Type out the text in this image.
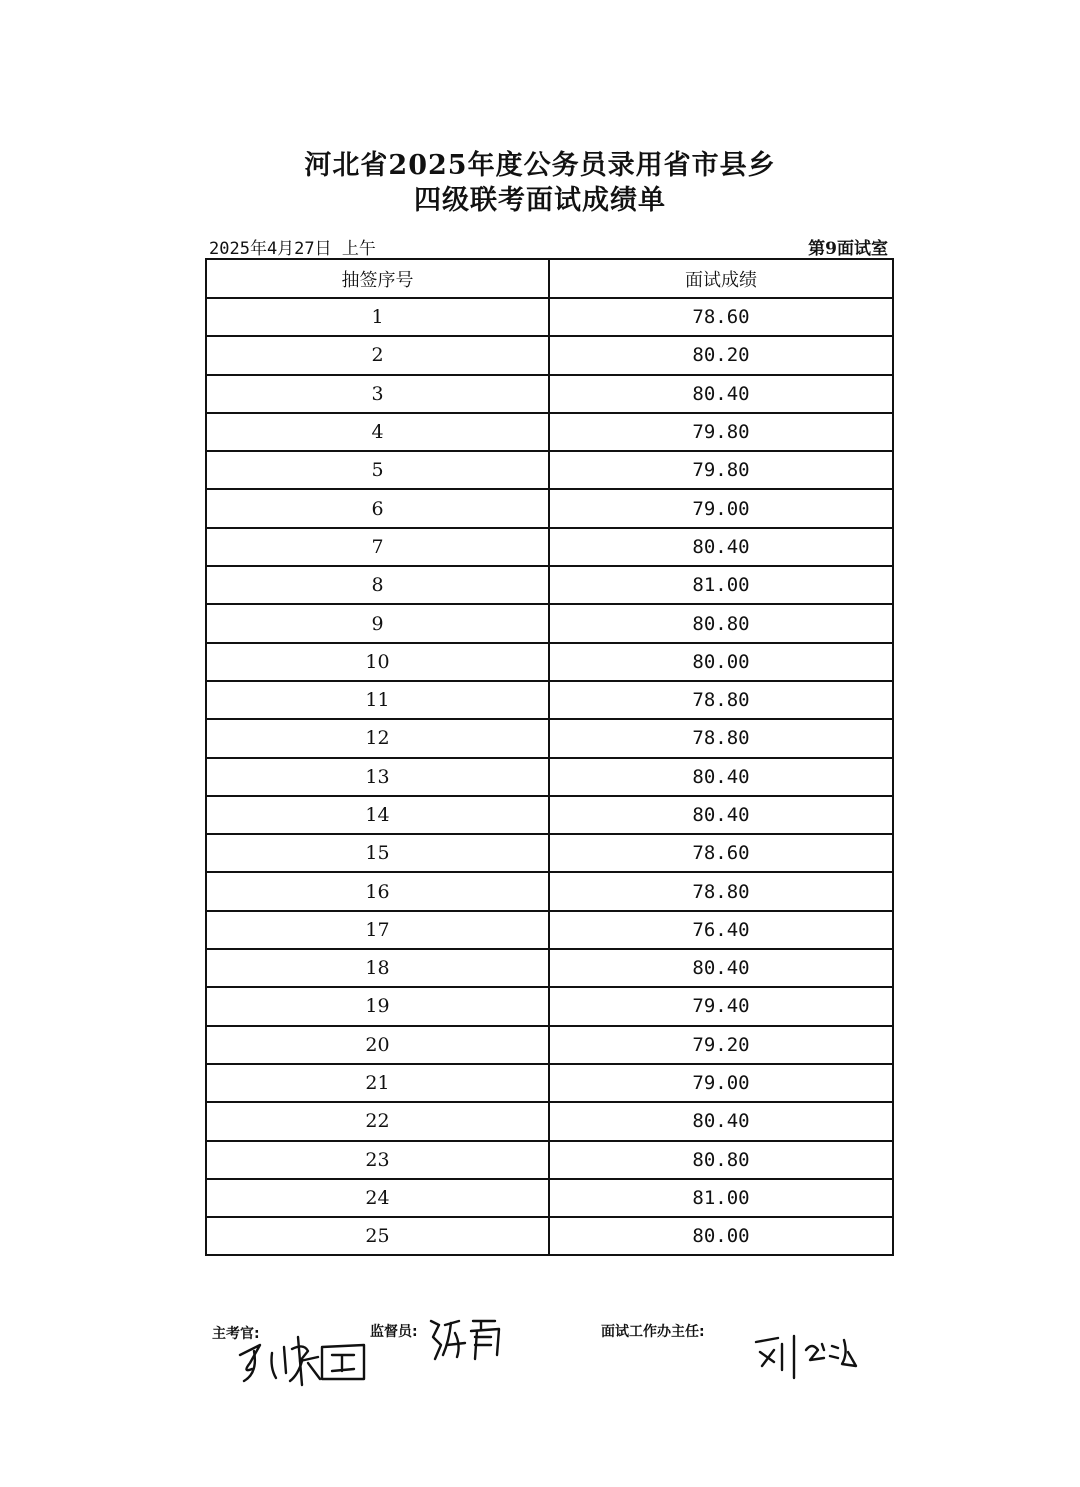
河北省2025年度公务员录用省市县乡
四级联考面试成绩单
2025年4月27日 上午	第9面试室
抽签序号	面试成绩
1	78.60
2	80.20
3	80.40
4	79.80
5	79.80
6	79.00
7	80.40
8	81.00
9	80.80
10	80.00
11	78.80
12	78.80
13	80.40
14	80.40
15	78.60
16	78.80
17	76.40
18	80.40
19	79.40
20	79.20
21	79.00
22	80.40
23	80.80
24	81.00
25	80.00
主考官:	监督员:	面试工作办主任:
